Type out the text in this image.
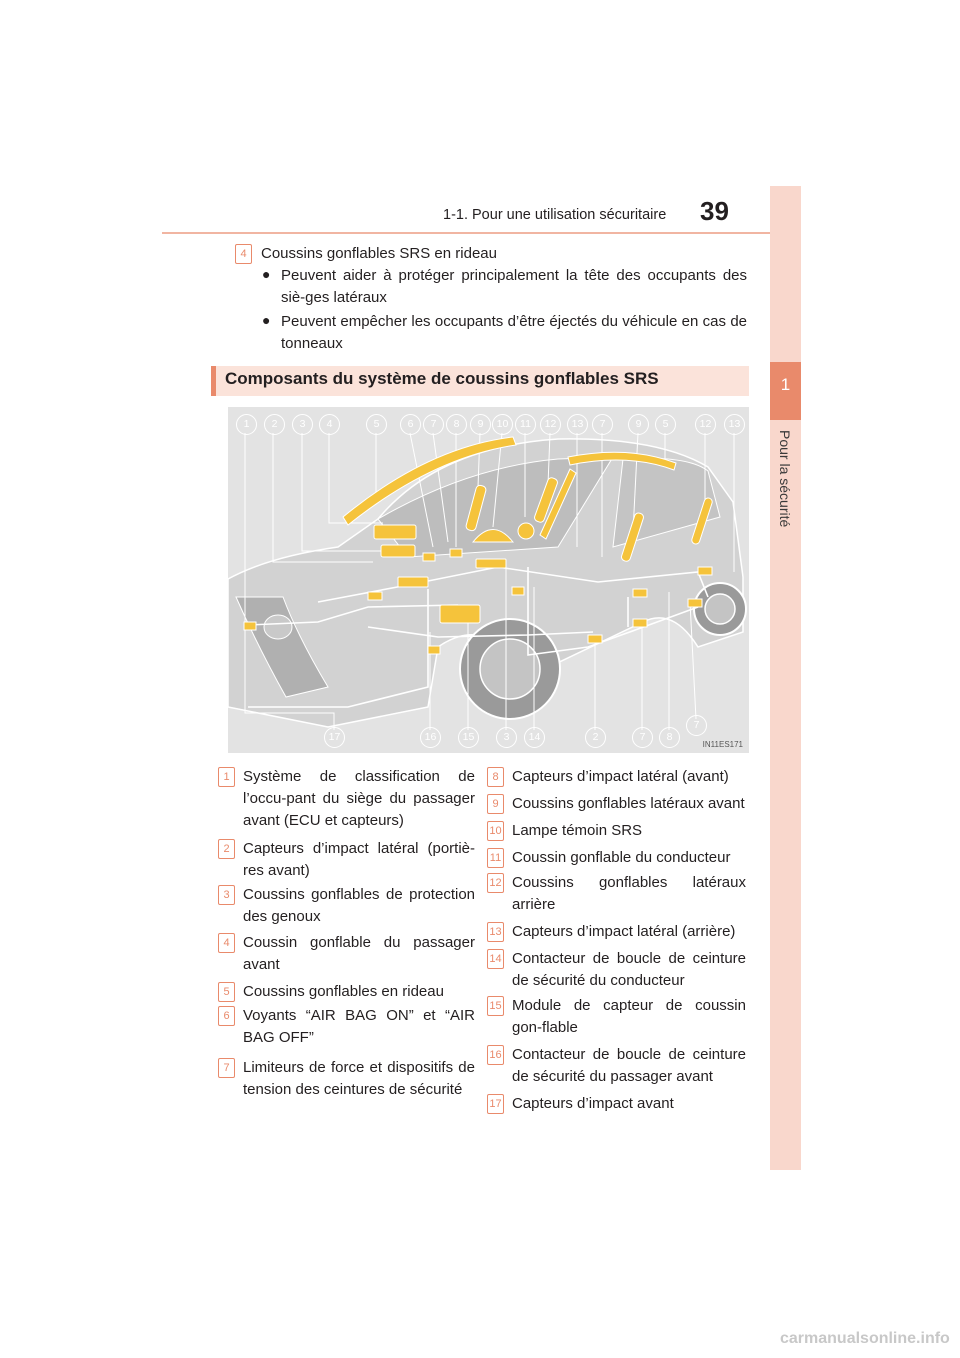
1-1. Pour une utilisation sécuritaire	39
1
Pour la sécurité
4 Coussins gonflables SRS en rideau
● Peuvent aider à protéger principalement la tête des occupants des siè-ges latéraux
● Peuvent empêcher les occupants d’être éjectés du véhicule en cas de tonneaux
Composants du système de coussins gonflables SRS
1	2	3	4	5	6	7	8	9	10	11	12	13	7	9	5	12	13
17	16	15	3	14	2	7	8
7
IN11ES171
1 Système de classification de l’occu-pant du siège du passager avant (ECU et capteurs)
2 Capteurs d’impact latéral (portiè-res avant)
3 Coussins gonflables de protection des genoux
4 Coussin gonflable du passager avant
5 Coussins gonflables en rideau
6 Voyants “AIR BAG ON” et “AIR BAG OFF”
7 Limiteurs de force et dispositifs de tension des ceintures de sécurité
8 Capteurs d’impact latéral (avant)
9 Coussins gonflables latéraux avant
10 Lampe témoin SRS
11 Coussin gonflable du conducteur
12 Coussins gonflables latéraux arrière
13 Capteurs d’impact latéral (arrière)
14 Contacteur de boucle de ceinture de sécurité du conducteur
15 Module de capteur de coussin gon-flable
16 Contacteur de boucle de ceinture de sécurité du passager avant
17 Capteurs d’impact avant
carmanualsonline.info
